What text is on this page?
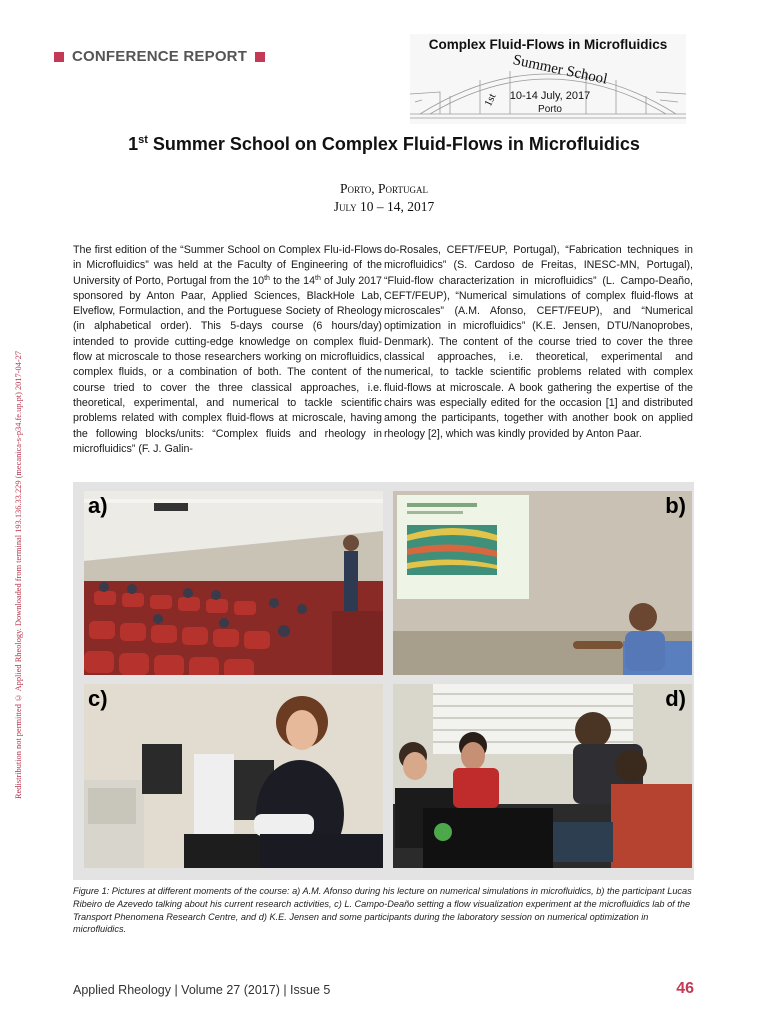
Redistribution not permitted © Applied Rheology. Downloaded from terminal 193.136.33.229 (mecanica-s-p34.fe.up.pt) 2017-04-27
CONFERENCE REPORT
Complex Fluid-Flows in Microfluidics
1st
Summer School
10-14 July, 2017
Porto
1st Summer School on Complex Fluid-Flows in Microfluidics
Porto, Portugal
July 10 – 14, 2017

The first edition of the “Summer School on Complex Flu-id-Flows in Microfluidics” was held at the Faculty of Engineering of the University of Porto, Portugal from the 10th to the 14th of July 2017 sponsored by Anton Paar, Applied Sciences, BlackHole Lab, Elveflow, Formulaction, and the Portuguese Society of Rheology (in alphabetical order). This 5-days course (6 hours/day) intended to provide cutting-edge knowledge on complex fluid-flow at microscale to those researchers working on microfluidics, complex fluids, or a combination of both. The content of the course tried to cover the three classical approaches, i.e. theoretical, experimental, and numerical to tackle scientific problems related with complex fluid-flows at microscale, having the following blocks/units: “Complex fluids and rheology in microfluidics” (F. J. Galin-

do-Rosales, CEFT/FEUP, Portugal), “Fabrication techniques in microfluidics” (S. Cardoso de Freitas, INESC-MN, Portugal), “Fluid-flow characterization in microfluidics” (L. Campo-Deaño, CEFT/FEUP), “Numerical simulations of complex fluid-flows at microscales” (A.M. Afonso, CEFT/FEUP), and “Numerical optimization in microfluidics” (K.E. Jensen, DTU/Nanoprobes, Denmark). The content of the course tried to cover the three classical approaches, i.e. theoretical, experimental and numerical, to tackle scientific problems related with complex fluid-flows at microscale. A book gathering the expertise of the chairs was especially edited for the occasion [1] and distributed among the participants, together with another book on applied rheology [2], which was kindly provided by Anton Paar.

a)	b)
c)	d)
Figure 1: Pictures at different moments of the course: a) A.M. Afonso during his lecture on numerical simulations in microfluidics, b) the participant Lucas Ribeiro de Azevedo talking about his current research activities, c) L. Campo-Deaño setting a flow visualization experiment at the microfluidics lab of the Transport Phenomena Research Centre, and d) K.E. Jensen and some participants during the laboratory session on numerical optimization in microfluidics.
Applied Rheology | Volume 27 (2017) | Issue 5	46
